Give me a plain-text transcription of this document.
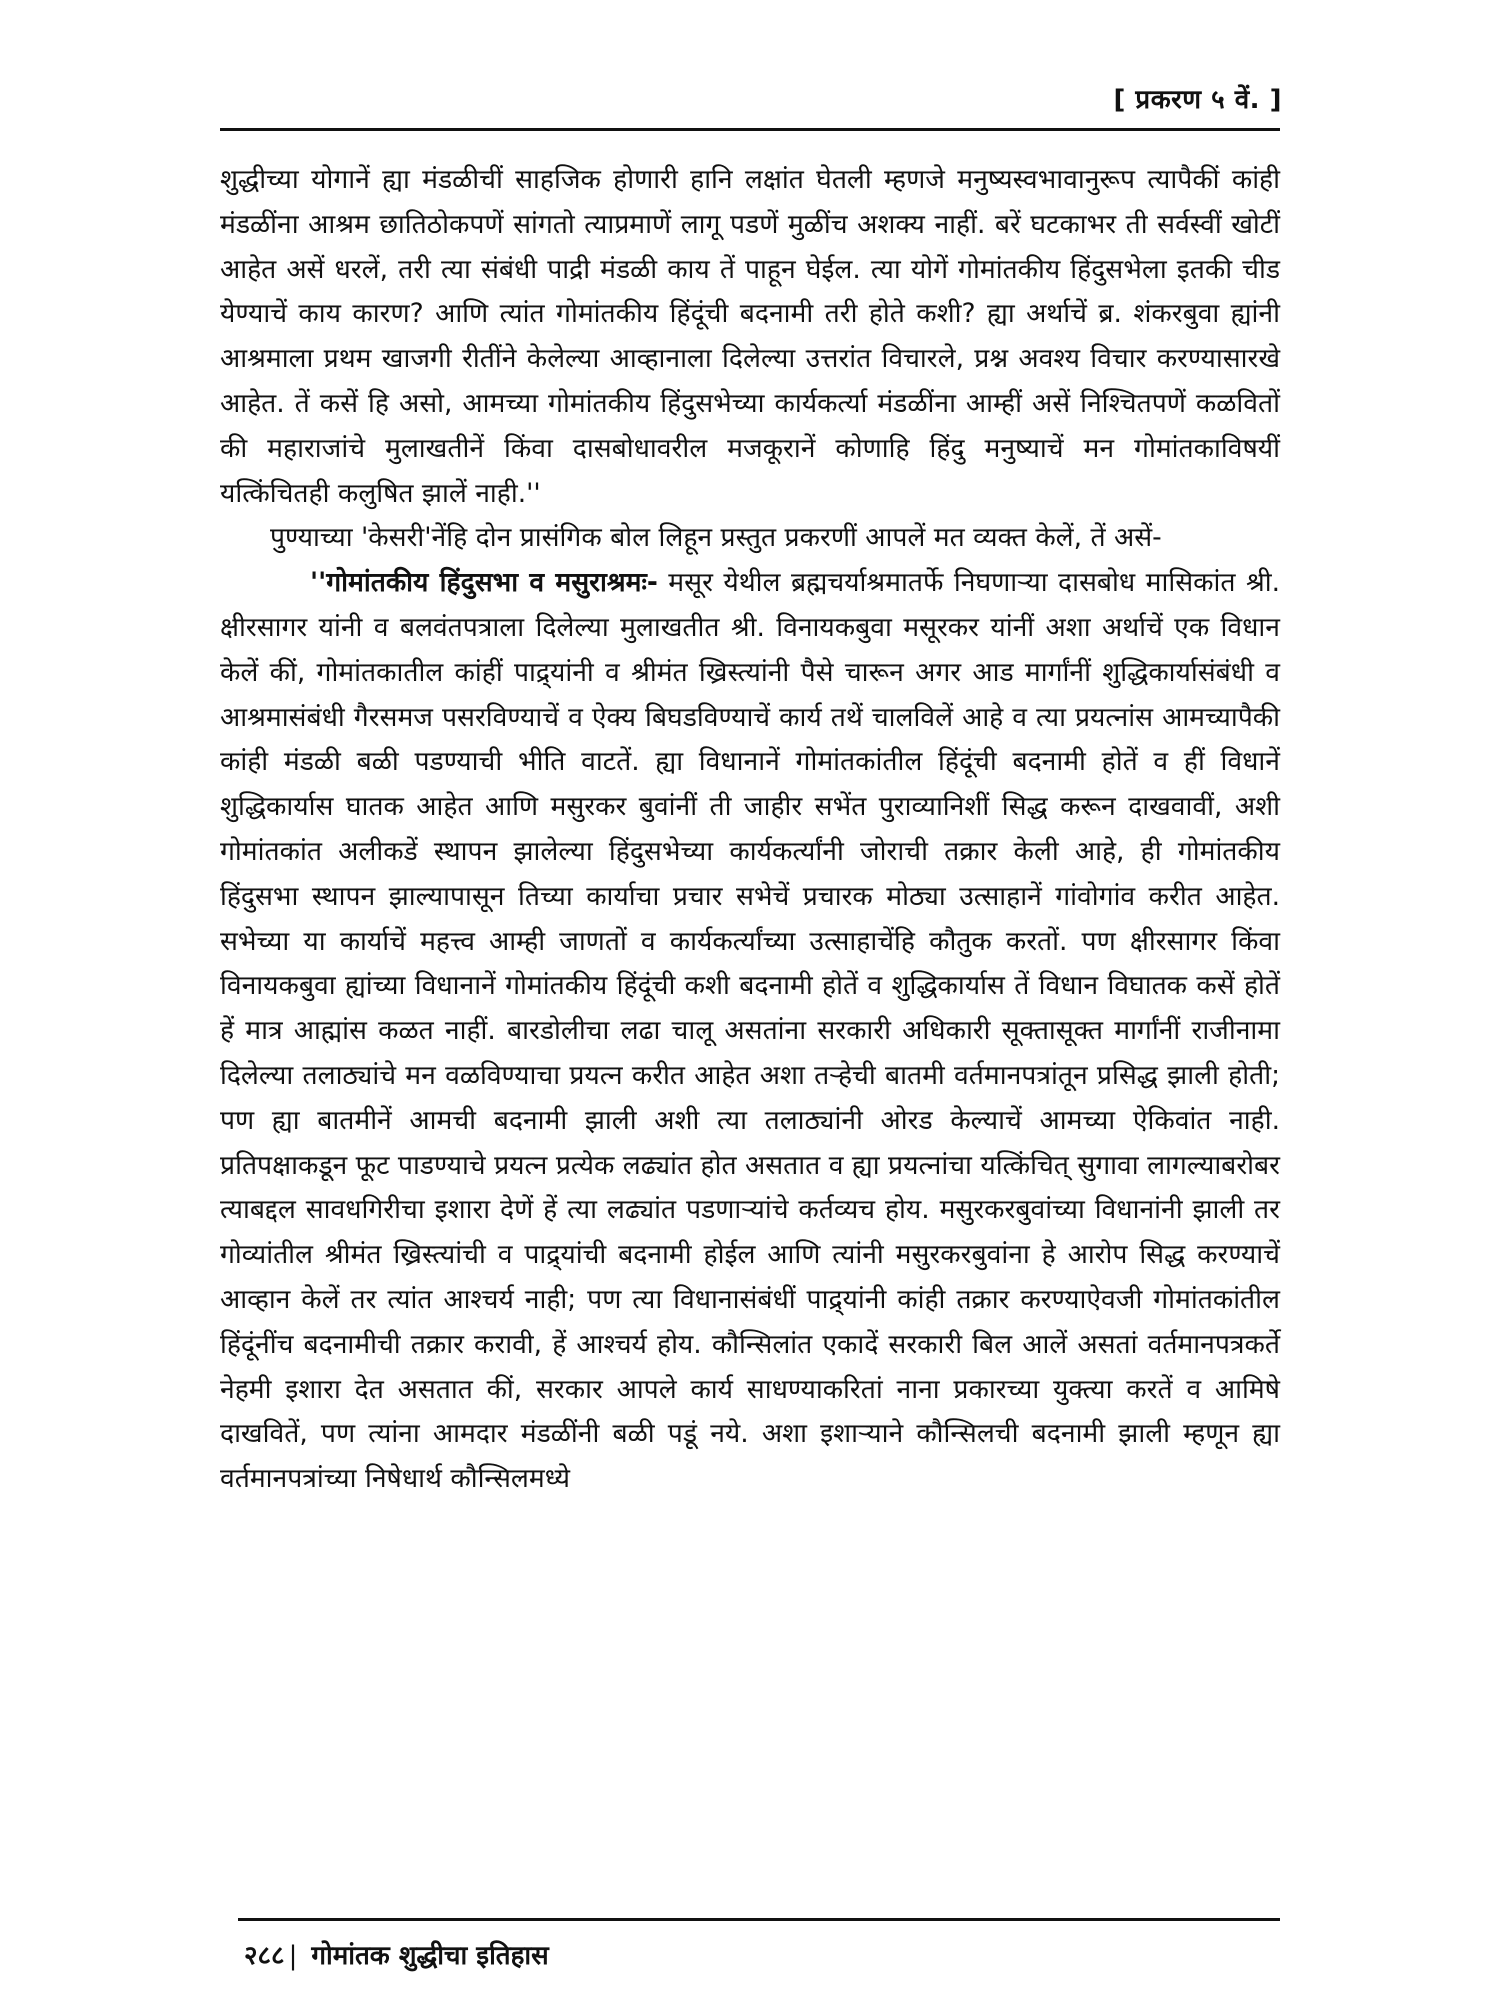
[ प्रकरण ५ वें. ]

शुद्धीच्या योगानें ह्या मंडळीचीं साहजिक होणारी हानि लक्षांत घेतली म्हणजे मनुष्यस्वभावानुरूप त्यापैकीं कांही मंडळींना आश्रम छातिठोकपणें सांगतो त्याप्रमाणें लागू पडणें मुळींच अशक्य नाहीं. बरें घटकाभर ती सर्वस्वीं खोटीं आहेत असें धरलें, तरी त्या संबंधी पाद्री मंडळी काय तें पाहून घेईल. त्या योगें गोमांतकीय हिंदुसभेला इतकी चीड येण्याचें काय कारण? आणि त्यांत गोमांतकीय हिंदूंची बदनामी तरी होते कशी? ह्या अर्थाचें ब्र. शंकरबुवा ह्यांनी आश्रमाला प्रथम खाजगी रीतींने केलेल्या आव्हानाला दिलेल्या उत्तरांत विचारले, प्रश्न अवश्य विचार करण्यासारखे आहेत. तें कसें हि असो, आमच्या गोमांतकीय हिंदुसभेच्या कार्यकर्त्या मंडळींना आम्हीं असें निश्चितपणें कळवितों की महाराजांचे मुलाखतीनें किंवा दासबोधावरील मजकूरानें कोणाहि हिंदु मनुष्याचें मन गोमांतकाविषयीं यत्किंचितही कलुषित झालें नाही.''

पुण्याच्या 'केसरी'नेंहि दोन प्रासंगिक बोल लिहून प्रस्तुत प्रकरणीं आपलें मत व्यक्त केलें, तें असें-

''गोमांतकीय हिंदुसभा व मसुराश्रमः- मसूर येथील ब्रह्मचर्याश्रमातर्फे निघणाऱ्या दासबोध मासिकांत श्री. क्षीरसागर यांनी व बलवंतपत्राला दिलेल्या मुलाखतीत श्री. विनायकबुवा मसूरकर यांनीं अशा अर्थाचें एक विधान केलें कीं, गोमांतकातील कांहीं पाद्र्यांनी व श्रीमंत ख्रिस्त्यांनी पैसे चारून अगर आड मार्गांनीं शुद्धिकार्यासंबंधी व आश्रमासंबंधी गैरसमज पसरविण्याचें व ऐक्य बिघडविण्याचें कार्य तथें चालविलें आहे व त्या प्रयत्नांस आमच्यापैकी कांही मंडळी बळी पडण्याची भीति वाटतें. ह्या विधानानें गोमांतकांतील हिंदूंची बदनामी होतें व हीं विधानें शुद्धिकार्यास घातक आहेत आणि मसुरकर बुवांनीं ती जाहीर सभेंत पुराव्यानिशीं सिद्ध करून दाखवावीं, अशी गोमांतकांत अलीकडें स्थापन झालेल्या हिंदुसभेच्या कार्यकर्त्यांनी जोराची तक्रार केली आहे, ही गोमांतकीय हिंदुसभा स्थापन झाल्यापासून तिच्या कार्याचा प्रचार सभेचें प्रचारक मोठ्या उत्साहानें गांवोगांव करीत आहेत. सभेच्या या कार्याचें महत्त्व आम्ही जाणतों व कार्यकर्त्यांच्या उत्साहाचेंहि कौतुक करतों. पण क्षीरसागर किंवा विनायकबुवा ह्यांच्या विधानानें गोमांतकीय हिंदूंची कशी बदनामी होतें व शुद्धिकार्यास तें विधान विघातक कसें होतें हें मात्र आह्मांस कळत नाहीं. बारडोलीचा लढा चालू असतांना सरकारी अधिकारी सूक्तासूक्त मार्गांनीं राजीनामा दिलेल्या तलाठ्यांचे मन वळविण्याचा प्रयत्न करीत आहेत अशा तऱ्हेची बातमी वर्तमानपत्रांतून प्रसिद्ध झाली होती; पण ह्या बातमीनें आमची बदनामी झाली अशी त्या तलाठ्यांनी ओरड केल्याचें आमच्या ऐकिवांत नाही. प्रतिपक्षाकडून फूट पाडण्याचे प्रयत्न प्रत्येक लढ्यांत होत असतात व ह्या प्रयत्नांचा यत्किंचित् सुगावा लागल्याबरोबर त्याबद्दल सावधगिरीचा इशारा देणें हें त्या लढ्यांत पडणाऱ्यांचे कर्तव्यच होय. मसुरकरबुवांच्या विधानांनी झाली तर गोव्यांतील श्रीमंत ख्रिस्त्यांची व पाद्र्यांची बदनामी होईल आणि त्यांनी मसुरकरबुवांना हे आरोप सिद्ध करण्याचें आव्हान केलें तर त्यांत आश्चर्य नाही; पण त्या विधानासंबंधीं पाद्र्यांनी कांही तक्रार करण्याऐवजी गोमांतकांतील हिंदूंनींच बदनामीची तक्रार करावी, हें आश्चर्य होय. कौन्सिलांत एकादें सरकारी बिल आलें असतां वर्तमानपत्रकर्ते नेहमी इशारा देत असतात कीं, सरकार आपले कार्य साधण्याकरितां नाना प्रकारच्या युक्त्या करतें व आमिषे दाखवितें, पण त्यांना आमदार मंडळींनी बळी पडूं नये. अशा इशाऱ्याने कौन्सिलची बदनामी झाली म्हणून ह्या वर्तमानपत्रांच्या निषेधार्थ कौन्सिलमध्ये

२८८ | गोमांतक शुद्धीचा इतिहास
